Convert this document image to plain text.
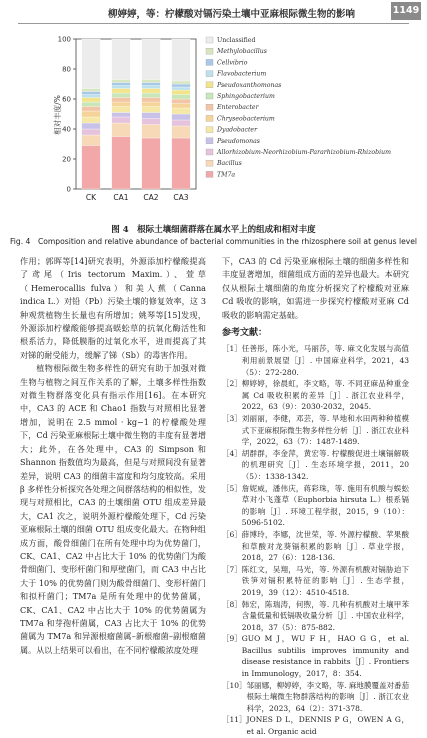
柳婷婷，等：柠檬酸对镉污染土壤中亚麻根际微生物的影响	1149
相对丰度/%
0
20
40
60
80
100
CK CA1 CA2 CA3
Unclassified
Methylobacillus
Cellvibrio
Flavobacterium
Pseudoxanthomonas
Sphingobacterium
Enterobacter
Chryseobacterium
Dyadobacter
Pseudomonas
Allorhizobium-Neorhizobium-Pararhizobium-Rhizobium
Bacillus
TM7a
图 4　根际土壤细菌群落在属水平上的组成和相对丰度
Fig. 4　Composition and relative abundance of bacterial communities in the rhizosphere soil at genus level

作用；郭晖等[14]研究表明，外源添加柠檬酸提高了鸢尾（Iris tectorum Maxim.）、萱草（Hemerocallis fulva）和美人蕉（Canna indica L.）对铅（Pb）污染土壤的修复效率，这 3 种观赏植物生长量也有所增加；姚琴等[15]发现，外源添加柠檬酸能够提高蜈蚣草的抗氧化酶活性和根系活力，降低膜脂的过氧化水平，进而提高了其对锑的耐受能力，缓解了锑（Sb）的毒害作用。

植物根际微生物多样性的研究有助于加强对微生物与植物之间互作关系的了解，土壤多样性指数对微生物群落变化具有指示作用[16]。在本研究中，CA3 的 ACE 和 Chao1 指数与对照相比显著增加，说明在 2.5 mmol · kg−1 的柠檬酸处理下，Cd 污染亚麻根际土壤中微生物的丰度有显著增大；此外，在各处理中，CA3 的 Simpson 和 Shannon 指数值均为最高，但是与对照间没有显著差异，说明 CA3 的细菌丰富度和均匀度较高。采用 β 多样性分析探究各处理之间群落结构的相似性，发现与对照相比，CA3 的土壤细菌 OTU 组成差异最大，CA1 次之，说明外源柠檬酸处理下，Cd 污染亚麻根际土壤的细菌 OTU 组成变化最大。在物种组成方面，酸骨细菌门在所有处理中均为优势菌门，CK、CA1、CA2 中占比大于 10% 的优势菌门为酸骨细菌门、变形杆菌门和厚壁菌门，而 CA3 中占比大于 10% 的优势菌门则为酸骨细菌门、变形杆菌门和拟杆菌门；TM7a 是所有处理中的优势菌属，CK、CA1、CA2 中占比大于 10% 的优势菌属为 TM7a 和芽孢杆菌属，CA3 占比大于 10% 的优势菌属为 TM7a 和异源根瘤菌属–新根瘤菌–副根瘤菌属。从以上结果可以看出，在不同柠檬酸浓度处理

下，CA3 的 Cd 污染亚麻根际土壤的细菌多样性和丰度显著增加，细菌组成方面的差异也最大。本研究仅从根际土壤细菌的角度分析探究了柠檬酸对亚麻 Cd 吸收的影响，如需进一步探究柠檬酸对亚麻 Cd 吸收的影响需定基础。

参考文献：
［1］ 任善彤，陈小光，马丽莎，等. 麻文化发展与高值利用前景展望［J］. 中国麻业科学，2021，43（5）：272-280.
［2］ 柳婷婷，徐晨虹，李文略，等. 不同亚麻品种重金属 Cd 吸收积累的差异［J］. 浙江农业科学，2022，63（9）：2030-2032，2045.
［3］ 刘丽丽，李健，邓芸，等. 旱地和水田两种种植模式下亚麻根际微生物多样性分析［J］. 浙江农业科学，2022，63（7）：1487-1489.
［4］ 胡群群，李金萍，黄宏等. 柠檬酸促进土壤镉解吸的机理研究［J］. 生态环境学报，2011，20（5）：1338-1342.
［5］ 詹妮威，潘伟庆，蒋彩珠，等. 施用有机酸与蜈蚣草对小飞蓬草（Euphorbia hirsuta L.）根系镉的影响［J］. 环境工程学报，2015，9（10）：5096-5102.
［6］ 薛博玲，李娜，沈世荣，等. 外源柠檬酸、苹果酸和草酸对龙葵镉积累的影响［J］. 草业学报，2018，27（6）：128-136.
［7］ 陈红文，吴翔，马光，等. 外源有机酸对镉胁迫下铁笋对镉积累特征的影响［J］. 生态学报，2019，39（12）：4510-4518.
［8］ 韩宏，陈瑞涛，何煦，等. 几种有机酸对土壤甲苯含量低量和低镉吸收量分析［J］. 中国农业科学，2018，37（5）：875-882.
［9］ GUO M J，WU F H，HAO G G，et al. Bacillus subtilis improves immunity and disease resistance in rabbits［J］. Frontiers in Immunology，2017，8：354.
［10］ 邹丽娜，柳婷婷，李文略，等. 麻地膜覆盖对番茄根际土壤微生物群落结构的影响［J］. 浙江农业科学，2023，64（2）：371-378.
［11］ JONES D L，DENNIS P G，OWEN A G，et al. Organic acid
